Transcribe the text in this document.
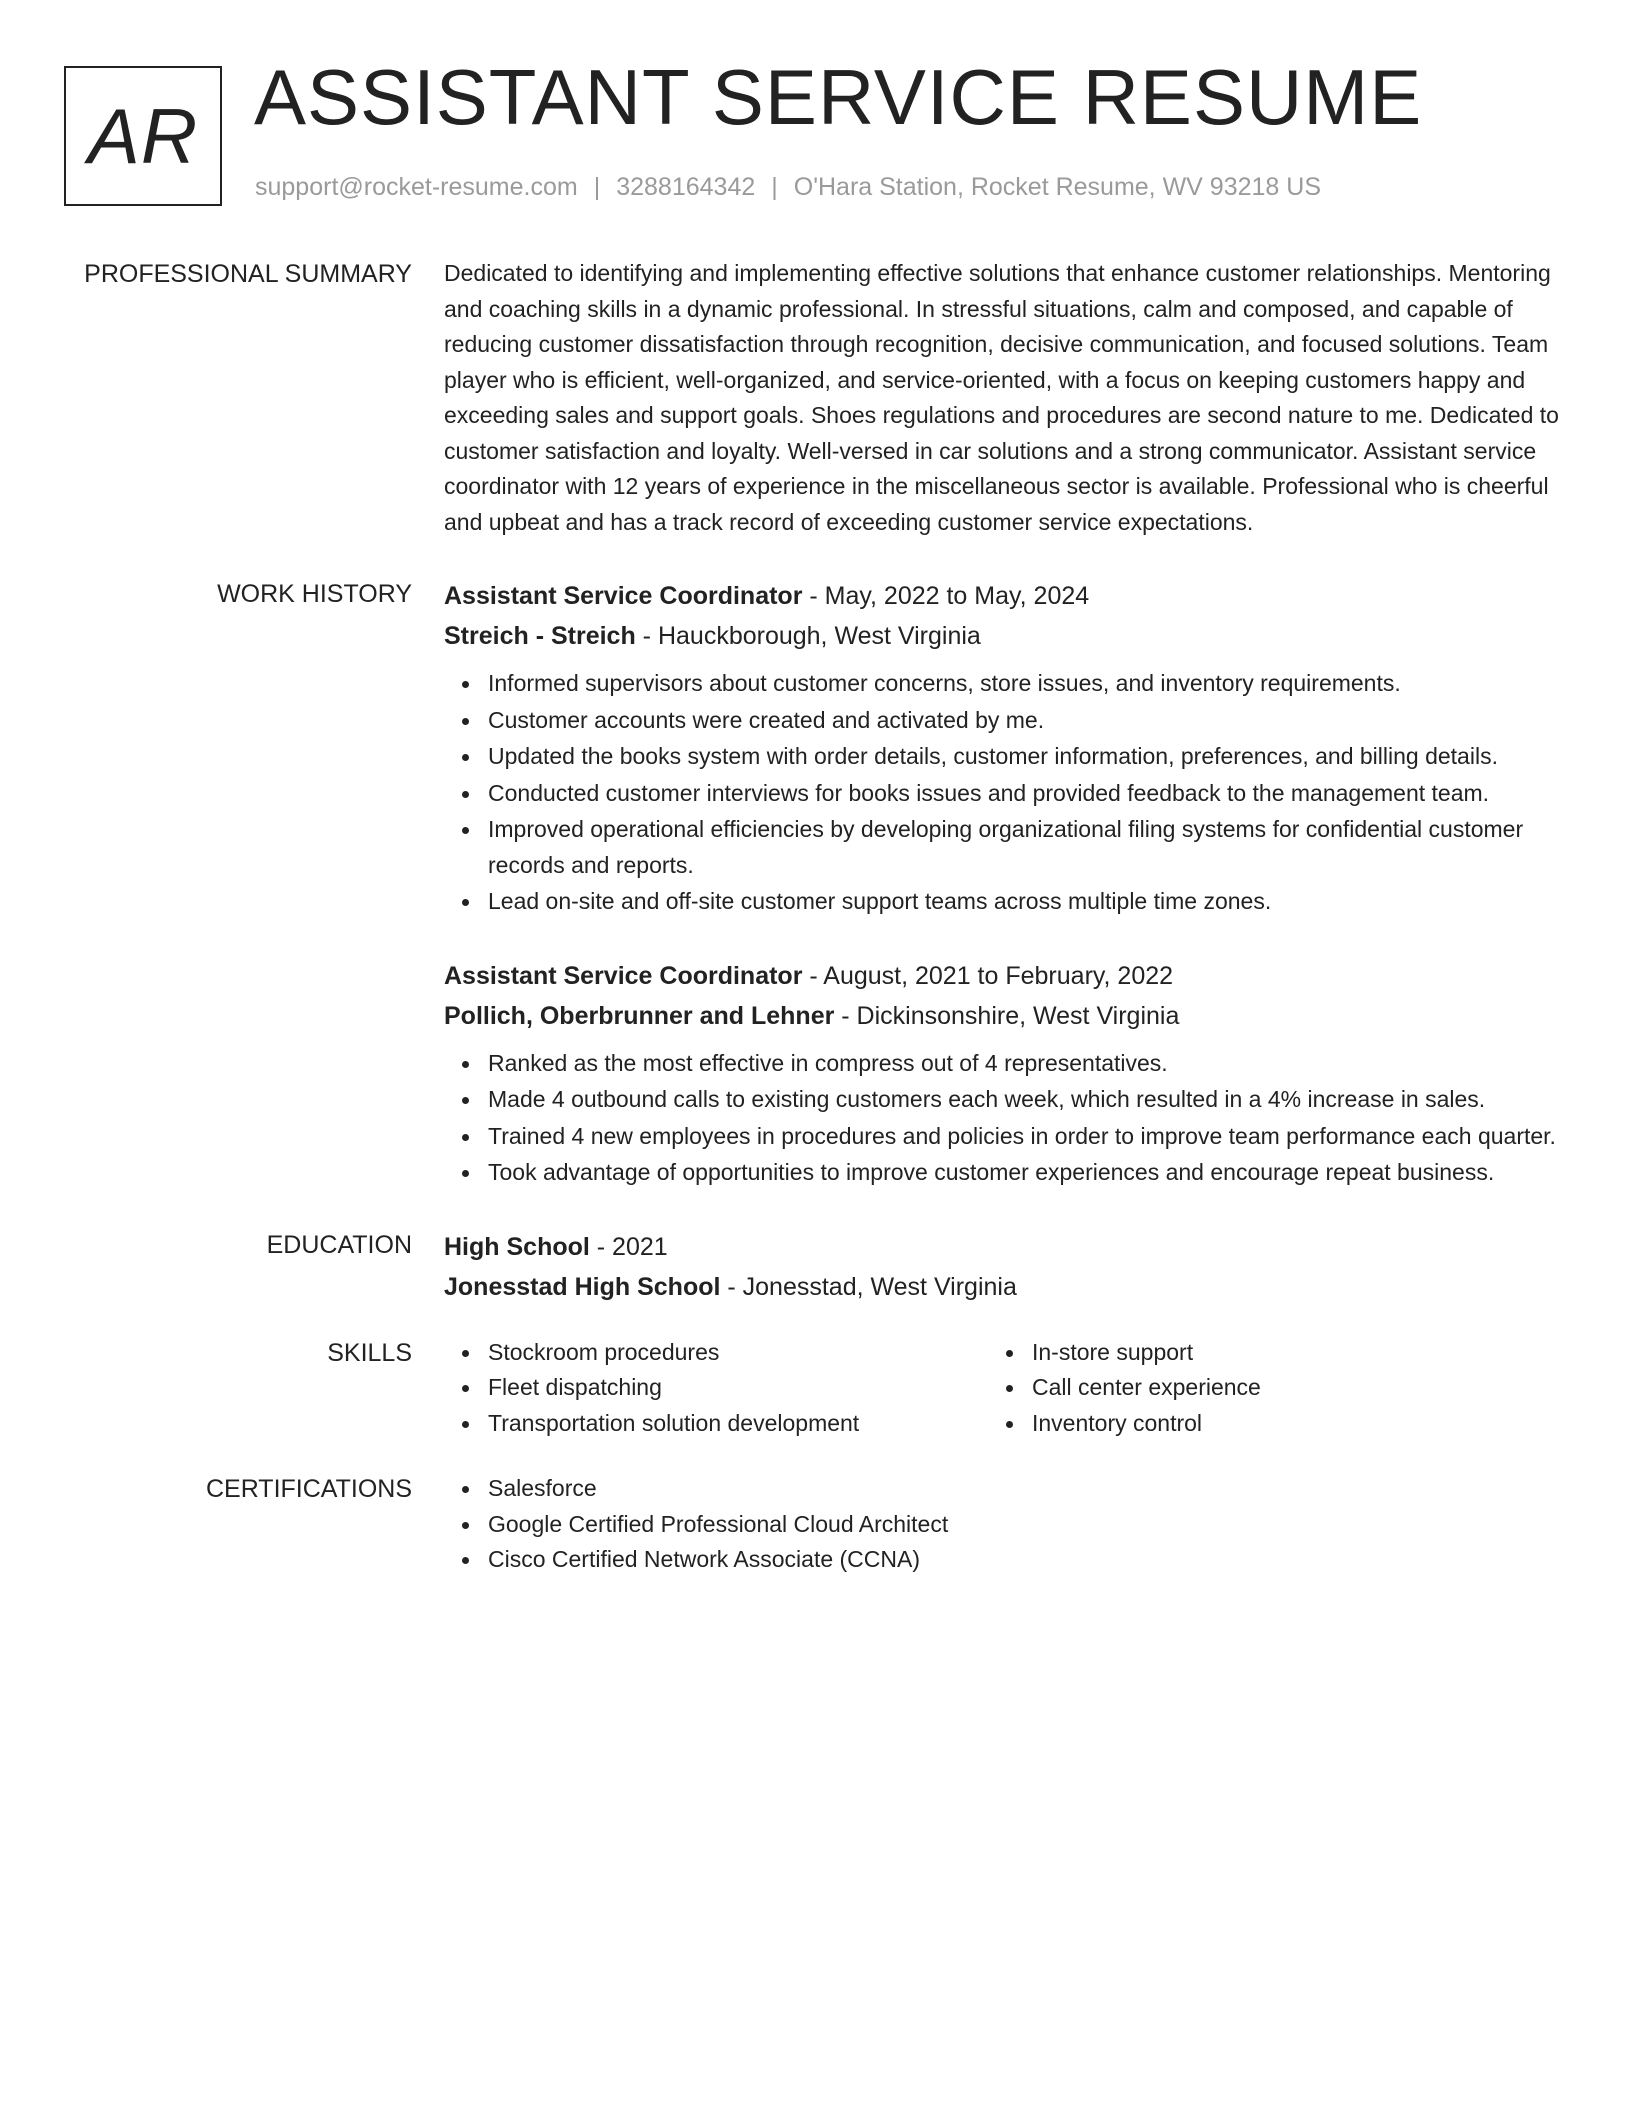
AR ASSISTANT SERVICE RESUME
support@rocket-resume.com | 3288164342 | O'Hara Station, Rocket Resume, WV 93218 US
PROFESSIONAL SUMMARY Dedicated to identifying and implementing effective solutions that enhance customer relationships. Mentoring and coaching skills in a dynamic professional. In stressful situations, calm and composed, and capable of reducing customer dissatisfaction through recognition, decisive communication, and focused solutions. Team player who is efficient, well-organized, and service-oriented, with a focus on keeping customers happy and exceeding sales and support goals. Shoes regulations and procedures are second nature to me. Dedicated to customer satisfaction and loyalty. Well-versed in car solutions and a strong communicator. Assistant service coordinator with 12 years of experience in the miscellaneous sector is available. Professional who is cheerful and upbeat and has a track record of exceeding customer service expectations.
WORK HISTORY Assistant Service Coordinator - May, 2022 to May, 2024
Streich - Streich - Hauckborough, West Virginia
Informed supervisors about customer concerns, store issues, and inventory requirements.
Customer accounts were created and activated by me.
Updated the books system with order details, customer information, preferences, and billing details.
Conducted customer interviews for books issues and provided feedback to the management team.
Improved operational efficiencies by developing organizational filing systems for confidential customer records and reports.
Lead on-site and off-site customer support teams across multiple time zones.
Assistant Service Coordinator - August, 2021 to February, 2022
Pollich, Oberbrunner and Lehner - Dickinsonshire, West Virginia
Ranked as the most effective in compress out of 4 representatives.
Made 4 outbound calls to existing customers each week, which resulted in a 4% increase in sales.
Trained 4 new employees in procedures and policies in order to improve team performance each quarter.
Took advantage of opportunities to improve customer experiences and encourage repeat business.
EDUCATION High School - 2021
Jonesstad High School - Jonesstad, West Virginia
SKILLS	Stockroom procedures
Fleet dispatching
Transportation solution development
In-store support
Call center experience
Inventory control
CERTIFICATIONS	Salesforce
Google Certified Professional Cloud Architect
Cisco Certified Network Associate (CCNA)
